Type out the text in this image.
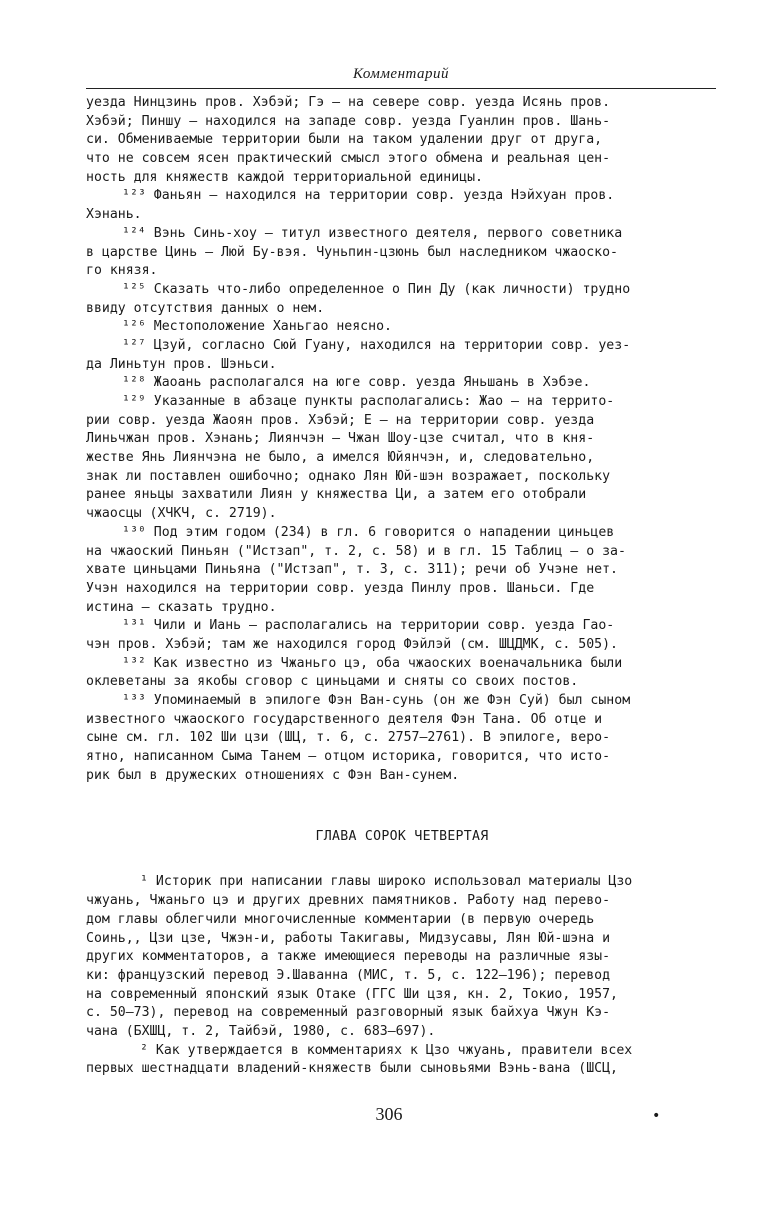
Комментарий
уезда Нинцзинь пров. Хэбэй; Гэ — на севере совр. уезда Исянь пров.
Хэбэй; Пиншу — находился на западе совр. уезда Гуанлин пров. Шань-
си. Обмениваемые территории были на таком удалении друг от друга,
что не совсем ясен практический смысл этого обмена и реальная цен-
ность для княжеств каждой территориальной единицы.
¹²³ Фаньян — находился на территории совр. уезда Нэйхуан пров.
Хэнань.
¹²⁴ Вэнь Синь-хоу — титул известного деятеля, первого советника
в царстве Цинь — Люй Бу-вэя. Чуньпин-цзюнь был наследником чжаоско-
го князя.
¹²⁵ Сказать что-либо определенное о Пин Ду (как личности) трудно
ввиду отсутствия данных о нем.
¹²⁶ Местоположение Ханьгао неясно.
¹²⁷ Цзуй, согласно Сюй Гуану, находился на территории совр. уез-
да Линьтун пров. Шэньси.
¹²⁸ Жаоань располагался на юге совр. уезда Яньшань в Хэбэе.
¹²⁹ Указанные в абзаце пункты располагались: Жао — на террито-
рии совр. уезда Жаоян пров. Хэбэй; Е — на территории совр. уезда
Линьчжан пров. Хэнань; Лиянчэн — Чжан Шоу-цзе считал, что в кня-
жестве Янь Лиянчэна не было, а имелся Юйянчэн, и, следовательно,
знак ли поставлен ошибочно; однако Лян Юй-шэн возражает, поскольку
ранее яньцы захватили Лиян у княжества Ци, а затем его отобрали
чжаосцы (ХЧКЧ, с. 2719).
¹³⁰ Под этим годом (234) в гл. 6 говорится о нападении циньцев
на чжаоский Пиньян ("Истзап", т. 2, с. 58) и в гл. 15 Таблиц — о за-
хвате циньцами Пиньяна ("Истзап", т. 3, с. 311); речи об Учэне нет.
Учэн находился на территории совр. уезда Пинлу пров. Шаньси. Где
истина — сказать трудно.
¹³¹ Чили и Иань — располагались на территории совр. уезда Гао-
чэн пров. Хэбэй; там же находился город Фэйлэй (см. ШЦДМК, с. 505).
¹³² Как известно из Чжаньго цэ, оба чжаоских военачальника были
оклеветаны за якобы сговор с циньцами и сняты со своих постов.
¹³³ Упоминаемый в эпилоге Фэн Ван-сунь (он же Фэн Суй) был сыном
известного чжаоского государственного деятеля Фэн Тана. Об отце и
сыне см. гл. 102 Ши цзи (ШЦ, т. 6, с. 2757–2761). В эпилоге, веро-
ятно, написанном Сыма Танем — отцом историка, говорится, что исто-
рик был в дружеских отношениях с Фэн Ван-сунем.
ГЛАВА СОРОК ЧЕТВЕРТАЯ
¹ Историк при написании главы широко использовал материалы Цзо
чжуань, Чжаньго цэ и других древних памятников. Работу над перево-
дом главы облегчили многочисленные комментарии (в первую очередь
Соинь,, Цзи цзе, Чжэн-и, работы Такигавы, Мидзусавы, Лян Юй-шэна и
других комментаторов, а также имеющиеся переводы на различные язы-
ки: французский перевод Э.Шаванна (МИС, т. 5, с. 122–196); перевод
на современный японский язык Отаке (ГГС Ши цзя, кн. 2, Токио, 1957,
с. 50–73), перевод на современный разговорный язык байхуа Чжун Кэ-
чана (БХШЦ, т. 2, Тайбэй, 1980, с. 683–697).
² Как утверждается в комментариях к Цзо чжуань, правители всех
первых шестнадцати владений-княжеств были сыновьями Вэнь-вана (ШСЦ,
306	•
